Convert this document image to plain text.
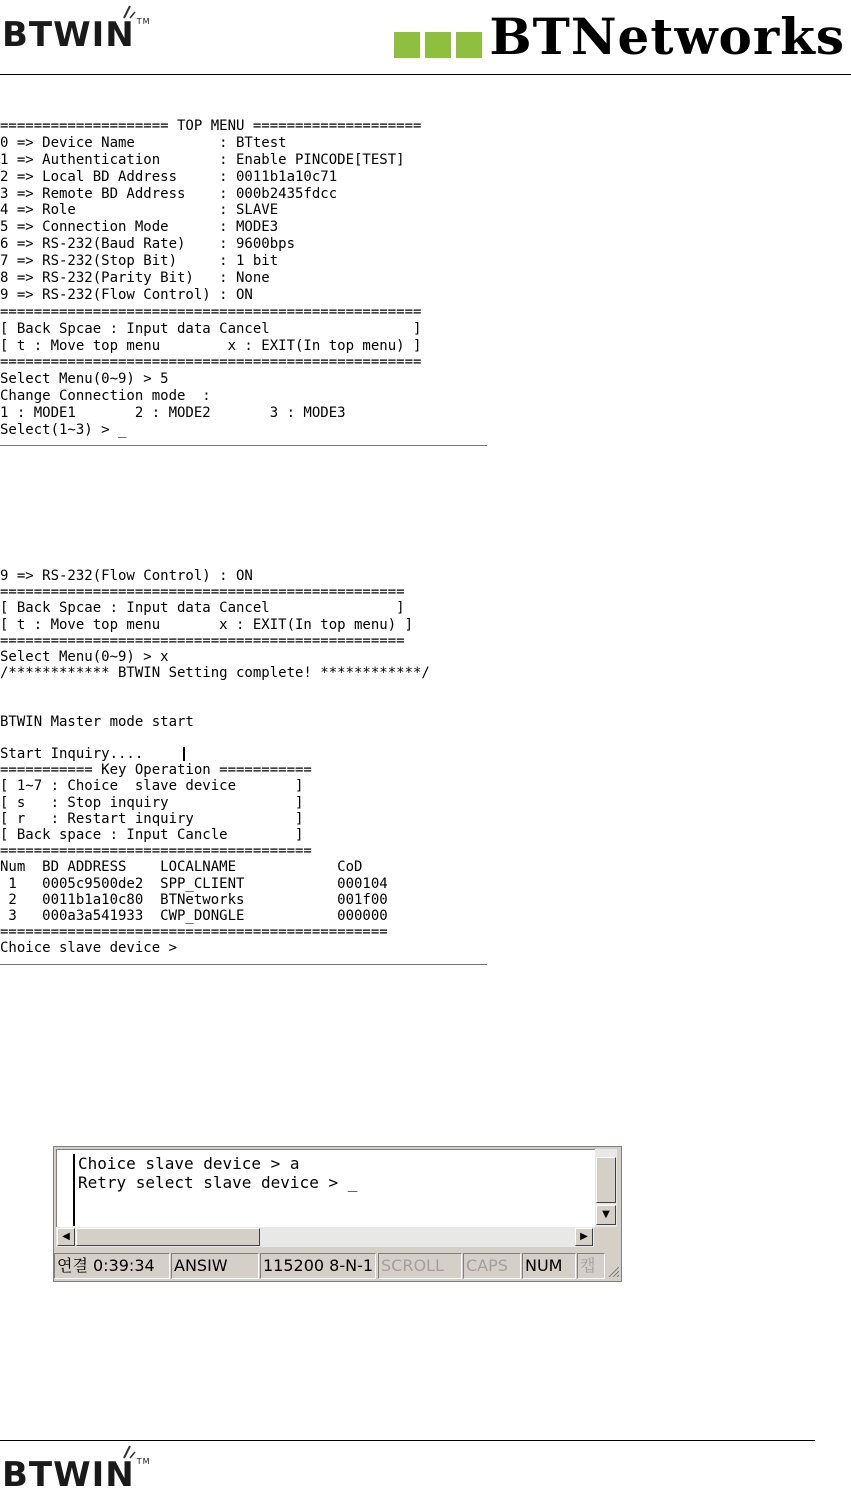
BTWIN ™	BTNetworks
==================== TOP MENU ====================
0 => Device Name          : BTtest
1 => Authentication       : Enable PINCODE[TEST]
2 => Local BD Address     : 0011b1a10c71
3 => Remote BD Address    : 000b2435fdcc
4 => Role                 : SLAVE
5 => Connection Mode      : MODE3
6 => RS-232(Baud Rate)    : 9600bps
7 => RS-232(Stop Bit)     : 1 bit
8 => RS-232(Parity Bit)   : None
9 => RS-232(Flow Control) : ON
==================================================
[ Back Spcae : Input data Cancel                 ]
[ t : Move top menu        x : EXIT(In top menu) ]
==================================================
Select Menu(0~9) > 5
Change Connection mode  :
1 : MODE1       2 : MODE2       3 : MODE3
Select(1~3) > _
9 => RS-232(Flow Control) : ON
================================================
[ Back Spcae : Input data Cancel               ]
[ t : Move top menu       x : EXIT(In top menu) ]
================================================
Select Menu(0~9) > x
/************ BTWIN Setting complete! ************/
BTWIN Master mode start
Start Inquiry....
=========== Key Operation ===========
[ 1~7 : Choice  slave device       ]
[ s   : Stop inquiry               ]
[ r   : Restart inquiry            ]
[ Back space : Input Cancle        ]
=====================================
Num  BD ADDRESS    LOCALNAME            CoD
1   0005c9500de2  SPP_CLIENT           000104
2   0011b1a10c80  BTNetworks           001f00
3   000a3a541933  CWP_DONGLE           000000
==============================================
Choice slave device >
Choice slave device > a
Retry select slave device > _
▼
◀	▶
연결 0:39:34	ANSIW	115200 8-N-1 SCROLL	CAPS	NUM	캡
BTWIN ™
